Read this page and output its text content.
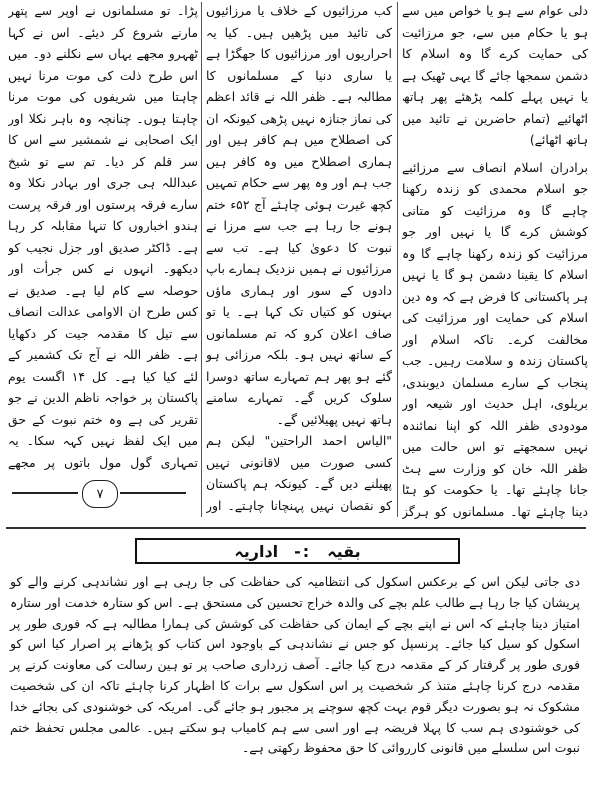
دلی عوام سے ہو یا خواص میں سے ہو یا حکام میں سے، جو مرزائیت کی حمایت کرے گا وہ اسلام کا دشمن سمجھا جائے گا یہی ٹھیک ہے یا نہیں پہلے کلمہ پڑھئے پھر ہاتھ اٹھائیے (تمام حاضرین نے تائید میں ہاتھ اٹھائے)

برادران اسلام انصاف سے مرزائیے جو اسلام محمدی کو زندہ رکھنا چاہے گا وہ مرزائیت کو متانی کوشش کرے گا یا نہیں اور جو مرزائیت کو زندہ رکھنا چاہے گا وہ اسلام کا یقینا دشمن ہو گا یا نہیں ہر پاکستانی کا فرض ہے کہ وہ دین اسلام کی حمایت اور مرزائیت کی مخالفت کرے۔ تاکہ اسلام اور پاکستان زندہ و سلامت رہیں۔ جب پنجاب کے سارے مسلمان دیوبندی، بریلوی، اہل حدیث اور شیعہ اور مودودی ظفر اللہ کو اپنا نمائندہ نہیں سمجھتے تو اس حالت میں ظفر اللہ خان کو وزارت سے ہٹ جانا چاہئے تھا۔ یا حکومت کو ہٹا دینا چاہئے تھا۔ مسلمانوں کو ہرگز

کب مرزائیوں کے خلاف یا مرزائیوں کی تائید میں پڑھیں ہیں۔ کیا یہ احراریوں اور مرزائیوں کا جھگڑا ہے یا ساری دنیا کے مسلمانوں کا مطالبہ ہے۔ ظفر اللہ نے قائد اعظم کی نماز جنازہ نہیں پڑھی کیونکہ ان کی اصطلاح میں ہم کافر ہیں اور ہماری اصطلاح میں وہ کافر ہیں جب ہم اور وہ پھر سے حکام تمہیں کچھ غیرت ہوئی چاہئے آج ۵۲ء ختم ہونے جا رہا ہے جب سے مرزا نے نبوت کا دعویٰ کیا ہے۔ تب سے مرزائیوں نے ہمیں نزدیک ہمارے باپ دادوں کے سور اور ہماری ماؤں بہنوں کو کتیاں تک کہا ہے۔ یا تو صاف اعلان کرو کہ تم مسلمانوں کے ساتھ نہیں ہو۔ بلکہ مرزائی ہو گئے ہو پھر ہم تمہارے ساتھ دوسرا سلوک کریں گے۔ تمہارے سامنے ہاتھ نہیں پھیلائیں گے۔

"الیاس احمد الراحتین" لیکن ہم کسی صورت میں لاقانونی نہیں پھیلنے دیں گے۔ کیونکہ ہم پاکستان کو نقصان نہیں پہنچانا چاہتے۔ اور

پڑا۔ تو مسلمانوں نے اوپر سے پتھر مارنے شروع کر دیئے۔ اس نے کہا ٹھہرو مجھے یہاں سے نکلنے دو۔ میں اس طرح ذلت کی موت مرنا نہیں چاہتا میں شریفوں کی موت مرنا چاہتا ہوں۔ چنانچہ وہ باہر نکلا اور ایک اصحابی نے شمشیر سے اس کا سر قلم کر دیا۔ تم سے تو شیخ عبداللہ ہی جری اور بہادر نکلا وہ سارے فرقہ پرستوں اور فرقہ پرست ہندو اخباروں کا تنہا مقابلہ کر رہا ہے۔ ڈاکٹر صدیق اور جزل نجیب کو دیکھو۔ انہوں نے کس جرأت اور حوصلہ سے کام لیا ہے۔ صدیق نے کس طرح ان الاوامی عدالت انصاف سے تیل کا مقدمہ جیت کر دکھایا ہے۔ ظفر اللہ نے آج تک کشمیر کے لئے کیا کیا ہے۔ کل ۱۴ اگست یوم پاکستان پر خواجہ ناظم الدین نے جو تقریر کی ہے وہ ختم نبوت کے حق میں ایک لفظ نہیں کہہ سکا۔ یہ تمہاری گول مول باتوں پر مجھے

۷
بقیہ
:-
اداریہ

دی جاتی لیکن اس کے برعکس اسکول کی انتظامیہ کی حفاظت کی جا رہی ہے اور نشاندہی کرنے والے کو پریشان کیا جا رہا ہے طالب علم بچے کی والدہ خراج تحسین کی مستحق ہے۔ اس کو ستارہ خدمت اور ستارہ امتیاز دینا چاہئے کہ اس نے اپنے بچے کے ایمان کی حفاظت کی کوشش کی ہمارا مطالبہ ہے کہ فوری طور پر اسکول کو سیل کیا جائے۔ پرنسپل کو جس نے نشاندہی کے باوجود اس کتاب کو پڑھانے پر اصرار کیا اس کو فوری طور پر گرفتار کر کے مقدمہ درج کیا جائے۔ آصف زرداری صاحب پر تو ہین رسالت کی معاونت کرنے پر مقدمہ درج کرنا چاہئے متنذ کر شخصیت پر اس اسکول سے برات کا اظہار کرنا چاہئے تاکہ ان کی شخصیت مشکوک نہ ہو بصورت دیگر قوم بہت کچھ سوچنے پر مجبور ہو جائے گی۔ امریکہ کی خوشنودی کی بجائے خدا کی خوشنودی ہم سب کا پہلا فریضہ ہے اور اسی سے ہم کامیاب ہو سکتے ہیں۔ عالمی مجلس تحفظ ختم نبوت اس سلسلے میں قانونی کارروائی کا حق محفوظ رکھتی ہے۔
